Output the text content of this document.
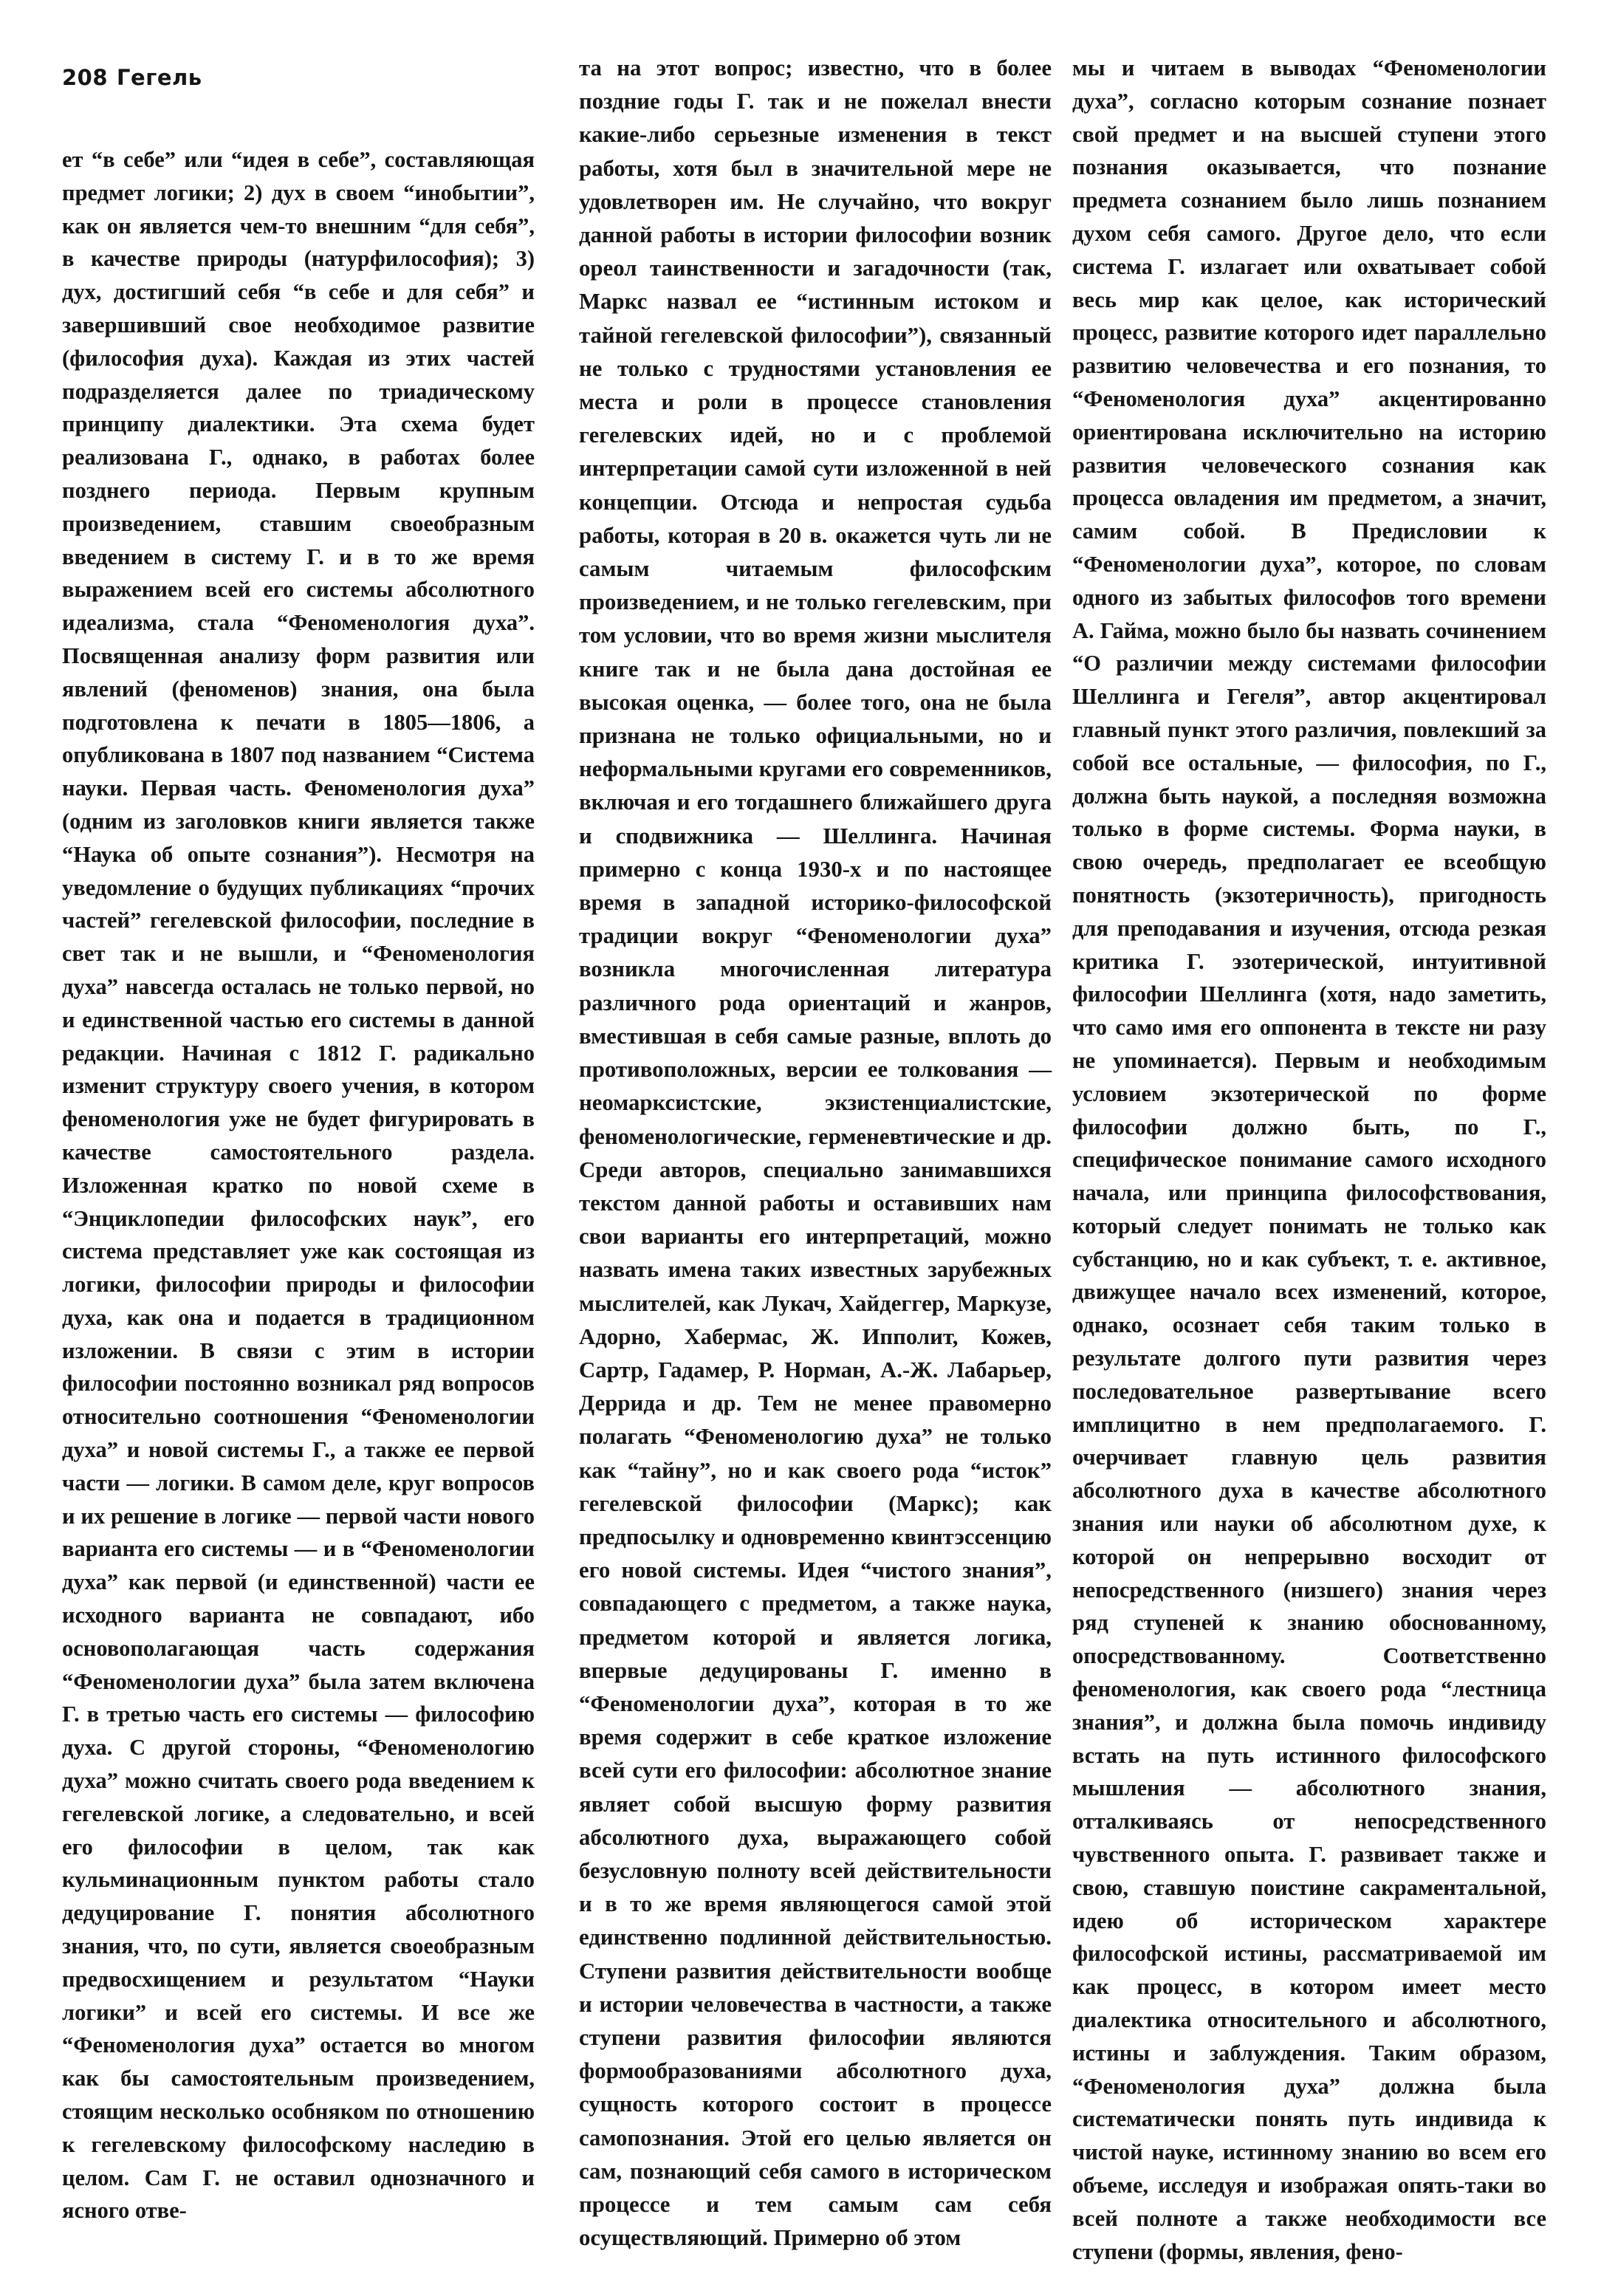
208 Гегель

ет “в себе” или “идея в себе”, составляющая предмет логики; 2) дух в своем “инобытии”, как он является чем-то внешним “для себя”, в качестве природы (натурфилософия); 3) дух, достигший себя “в себе и для себя” и завершивший свое необходимое развитие (философия духа). Каждая из этих частей подразделяется далее по триадическому принципу диалектики. Эта схема будет реализована Г., однако, в работах более позднего периода. Первым крупным произведением, ставшим своеобразным введением в систему Г. и в то же время выражением всей его системы абсолютного идеализма, стала “Феноменология духа”. Посвященная анализу форм развития или явлений (феноменов) знания, она была подготовлена к печати в 1805—1806, а опубликована в 1807 под названием “Система науки. Первая часть. Феноменология духа” (одним из заголовков книги является также “Наука об опыте сознания”). Несмотря на уведомление о будущих публикациях “прочих частей” гегелевской философии, последние в свет так и не вышли, и “Феноменология духа” навсегда осталась не только первой, но и единственной частью его системы в данной редакции. Начиная с 1812 Г. радикально изменит структуру своего учения, в котором феноменология уже не будет фигурировать в качестве самостоятельного раздела. Изложенная кратко по новой схеме в “Энциклопедии философских наук”, его система представляет уже как состоящая из логики, философии природы и философии духа, как она и подается в традиционном изложении. В связи с этим в истории философии постоянно возникал ряд вопросов относительно соотношения “Феноменологии духа” и новой системы Г., а также ее первой части — логики. В самом деле, круг вопросов и их решение в логике — первой части нового варианта его системы — и в “Феноменологии духа” как первой (и единственной) части ее исходного варианта не совпадают, ибо основополагающая часть содержания “Феноменологии духа” была затем включена Г. в третью часть его системы — философию духа. С другой стороны, “Феноменологию духа” можно считать своего рода введением к гегелевской логике, а следовательно, и всей его философии в целом, так как кульминационным пунктом работы стало дедуцирование Г. понятия абсолютного знания, что, по сути, является своеобразным предвосхищением и результатом “Науки логики” и всей его системы. И все же “Феноменология духа” остается во многом как бы самостоятельным произведением, стоящим несколько особняком по отношению к гегелевскому философскому наследию в целом. Сам Г. не оставил однозначного и ясного отве-

та на этот вопрос; известно, что в более поздние годы Г. так и не пожелал внести какие-либо серьезные изменения в текст работы, хотя был в значительной мере не удовлетворен им. Не случайно, что вокруг данной работы в истории философии возник ореол таинственности и загадочности (так, Маркс назвал ее “истинным истоком и тайной гегелевской философии”), связанный не только с трудностями установления ее места и роли в процессе становления гегелевских идей, но и с проблемой интерпретации самой сути изложенной в ней концепции. Отсюда и непростая судьба работы, которая в 20 в. окажется чуть ли не самым читаемым философским произведением, и не только гегелевским, при том условии, что во время жизни мыслителя книге так и не была дана достойная ее высокая оценка, — более того, она не была признана не только официальными, но и неформальными кругами его современников, включая и его тогдашнего ближайшего друга и сподвижника — Шеллинга. Начиная примерно с конца 1930-х и по настоящее время в западной историко-философской традиции вокруг “Феноменологии духа” возникла многочисленная литература различного рода ориентаций и жанров, вместившая в себя самые разные, вплоть до противоположных, версии ее толкования — неомарксистские, экзистенциалистские, феноменологические, герменевтические и др. Среди авторов, специально занимавшихся текстом данной работы и оставивших нам свои варианты его интерпретаций, можно назвать имена таких известных зарубежных мыслителей, как Лукач, Хайдеггер, Маркузе, Адорно, Хабермас, Ж. Ипполит, Кожев, Сартр, Гадамер, Р. Норман, А.-Ж. Лабарьер, Деррида и др. Тем не менее правомерно полагать “Феноменологию духа” не только как “тайну”, но и как своего рода “исток” гегелевской философии (Маркс); как предпосылку и одновременно квинтэссенцию его новой системы. Идея “чистого знания”, совпадающего с предметом, а также наука, предметом которой и является логика, впервые дедуцированы Г. именно в “Феноменологии духа”, которая в то же время содержит в себе краткое изложение всей сути его философии: абсолютное знание являет собой высшую форму развития абсолютного духа, выражающего собой безусловную полноту всей действительности и в то же время являющегося самой этой единственно подлинной действительностью. Ступени развития действительности вообще и истории человечества в частности, а также ступени развития философии являются формообразованиями абсолютного духа, сущность которого состоит в процессе самопознания. Этой его целью является он сам, познающий себя самого в историческом процессе и тем самым сам себя осуществляющий. Примерно об этом

мы и читаем в выводах “Феноменологии духа”, согласно которым сознание познает свой предмет и на высшей ступени этого познания оказывается, что познание предмета сознанием было лишь познанием духом себя самого. Другое дело, что если система Г. излагает или охватывает собой весь мир как целое, как исторический процесс, развитие которого идет параллельно развитию человечества и его познания, то “Феноменология духа” акцентированно ориентирована исключительно на историю развития человеческого сознания как процесса овладения им предметом, а значит, самим собой. В Предисловии к “Феноменологии духа”, которое, по словам одного из забытых философов того времени А. Гайма, можно было бы назвать сочинением “О различии между системами философии Шеллинга и Гегеля”, автор акцентировал главный пункт этого различия, повлекший за собой все остальные, — философия, по Г., должна быть наукой, а последняя возможна только в форме системы. Форма науки, в свою очередь, предполагает ее всеобщую понятность (экзотеричность), пригодность для преподавания и изучения, отсюда резкая критика Г. эзотерической, интуитивной философии Шеллинга (хотя, надо заметить, что само имя его оппонента в тексте ни разу не упоминается). Первым и необходимым условием экзотерической по форме философии должно быть, по Г., специфическое понимание самого исходного начала, или принципа философствования, который следует понимать не только как субстанцию, но и как субъект, т. е. активное, движущее начало всех изменений, которое, однако, осознает себя таким только в результате долгого пути развития через последовательное развертывание всего имплицитно в нем предполагаемого. Г. очерчивает главную цель развития абсолютного духа в качестве абсолютного знания или науки об абсолютном духе, к которой он непрерывно восходит от непосредственного (низшего) знания через ряд ступеней к знанию обоснованному, опосредствованному. Соответственно феноменология, как своего рода “лестница знания”, и должна была помочь индивиду встать на путь истинного философского мышления — абсолютного знания, отталкиваясь от непосредственного чувственного опыта. Г. развивает также и свою, ставшую поистине сакраментальной, идею об историческом характере философской истины, рассматриваемой им как процесс, в котором имеет место диалектика относительного и абсолютного, истины и заблуждения. Таким образом, “Феноменология духа” должна была систематически понять путь индивида к чистой науке, истинному знанию во всем его объеме, исследуя и изображая опять-таки во всей полноте а также необходимости все ступени (формы, явления, фено-
